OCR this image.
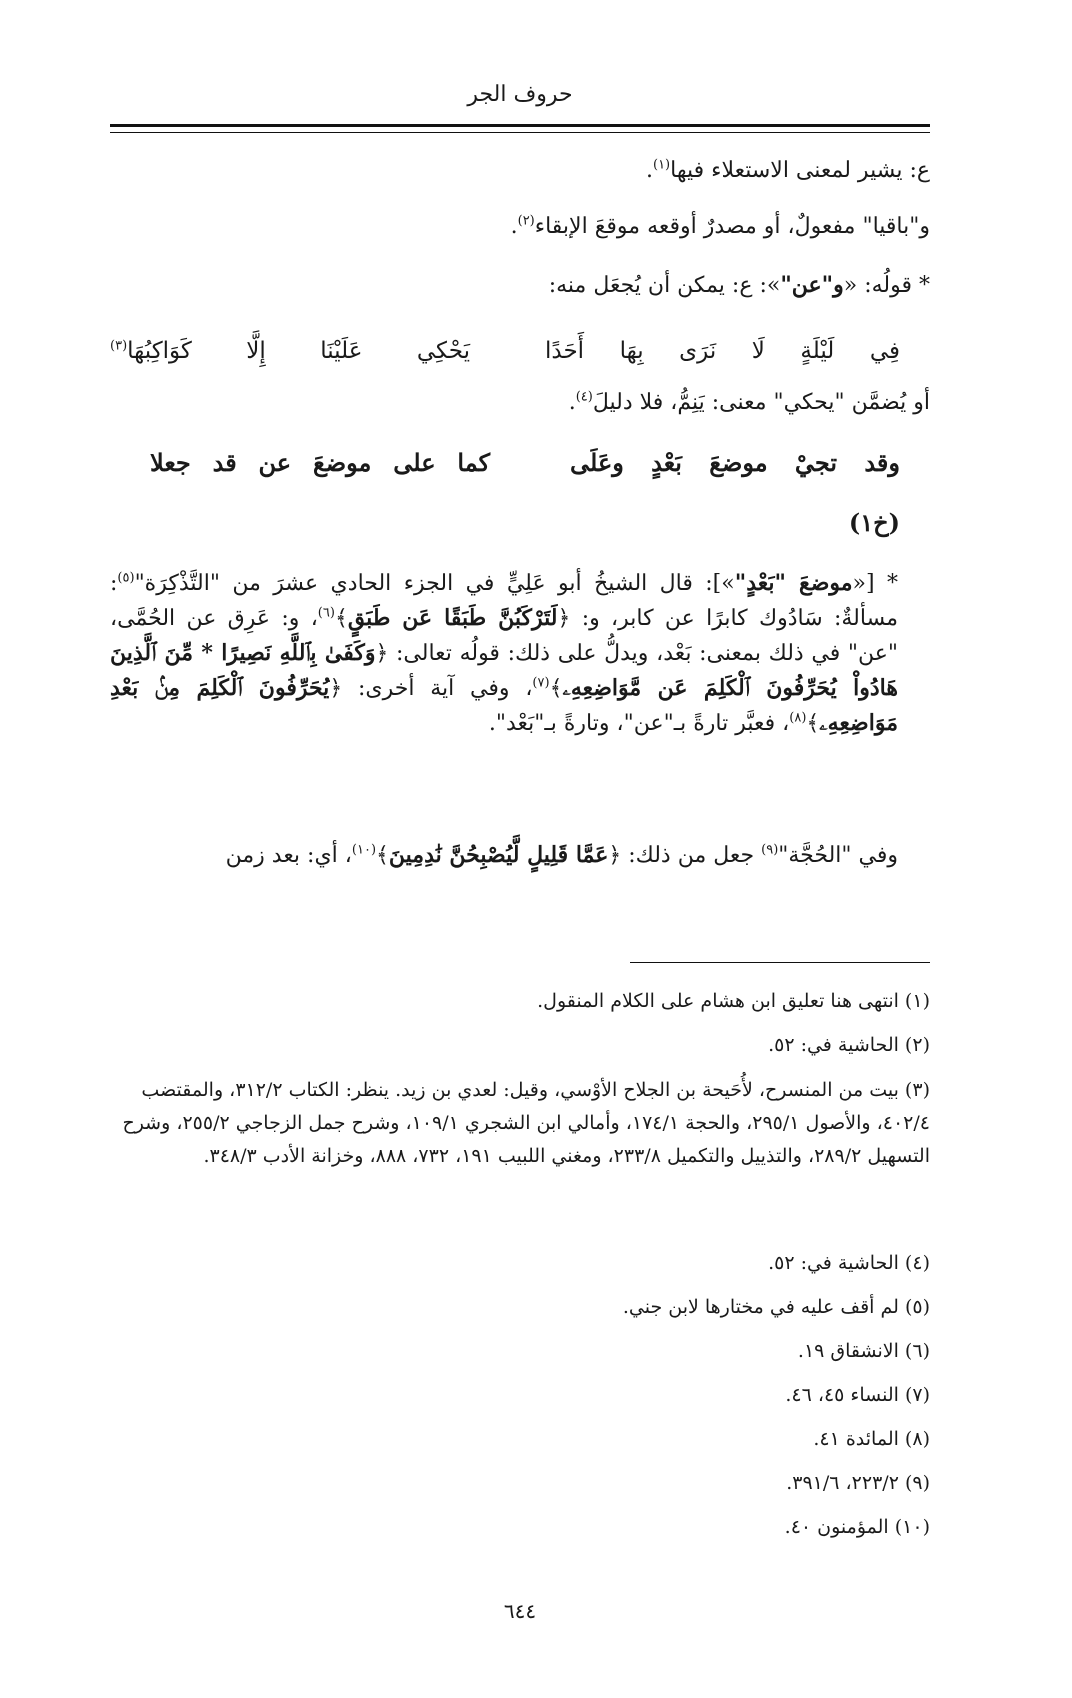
حروف الجر
ع: يشير لمعنى الاستعلاء فيها$^{(١)}$.
و"باقيا" مفعولٌ، أو مصدرٌ أوقعه موقعَ الإبقاء$^{(٢)}$.
* قولُه: «و"عن"»: ع: يمكن أن يُجعَل منه:
فِي لَيْلَةٍ لَا نَرَى بِهَا أَحَدًا
يَحْكِي عَلَيْنَا إِلَّا كَوَاكِبُهَا$^{(٣)}$
أو يُضمَّن "يحكي" معنى: يَنِمُّ، فلا دليلَ$^{(٤)}$.
وقد تجيْ موضعَ بَعْدٍ وعَلَى
كما على موضعَ عن قد جعلا
(خ١)
* [«موضعَ "بَعْدٍ"»]: قال الشيخُ أبو عَلِيٍّ في الجزء الحادي عشرَ من "التَّذْكِرَة"$^{(٥)}$: مسألةٌ: سَادُوك كابرًا عن كابر، و: ﴿لَتَرْكَبُنَّ طَبَقًا عَن طَبَقٍ﴾$^{(٦)}$، و: عَرِق عن الحُمَّى، "عن" في ذلك بمعنى: بَعْد، ويدلُّ على ذلك: قولُه تعالى: ﴿وَكَفَىٰ بِٱللَّهِ نَصِيرًا * مِّنَ ٱلَّذِينَ هَادُواْ يُحَرِّفُونَ ٱلْكَلِمَ عَن مَّوَاضِعِهِۦ﴾$^{(٧)}$، وفي آية أخرى: ﴿يُحَرِّفُونَ ٱلْكَلِمَ مِنۢ بَعْدِ مَوَاضِعِهِۦ﴾$^{(٨)}$، فعبَّر تارةً بـ"عن"، وتارةً بـ"بَعْد".
وفي "الحُجَّة"$^{(٩)}$ جعل من ذلك: ﴿عَمَّا قَلِيلٍ لَّيُصْبِحُنَّ نَٰدِمِينَ﴾$^{(١٠)}$، أي: بعد زمن
(١) انتهى هنا تعليق ابن هشام على الكلام المنقول.
(٢) الحاشية في: ٥٢.
(٣) بيت من المنسرح، لأُحَيحة بن الجلاح الأوْسي، وقيل: لعدي بن زيد. ينظر: الكتاب ٣١٢/٢، والمقتضب ٤٠٢/٤، والأصول ٢٩٥/١، والحجة ١٧٤/١، وأمالي ابن الشجري ١٠٩/١، وشرح جمل الزجاجي ٢٥٥/٢، وشرح التسهيل ٢٨٩/٢، والتذييل والتكميل ٢٣٣/٨، ومغني اللبيب ١٩١، ٧٣٢، ٨٨٨، وخزانة الأدب ٣٤٨/٣.
(٤) الحاشية في: ٥٢.
(٥) لم أقف عليه في مختارها لابن جني.
(٦) الانشقاق ١٩.
(٧) النساء ٤٥، ٤٦.
(٨) المائدة ٤١.
(٩) ٢٢٣/٢، ٣٩١/٦.
(١٠) المؤمنون ٤٠.
٦٤٤
